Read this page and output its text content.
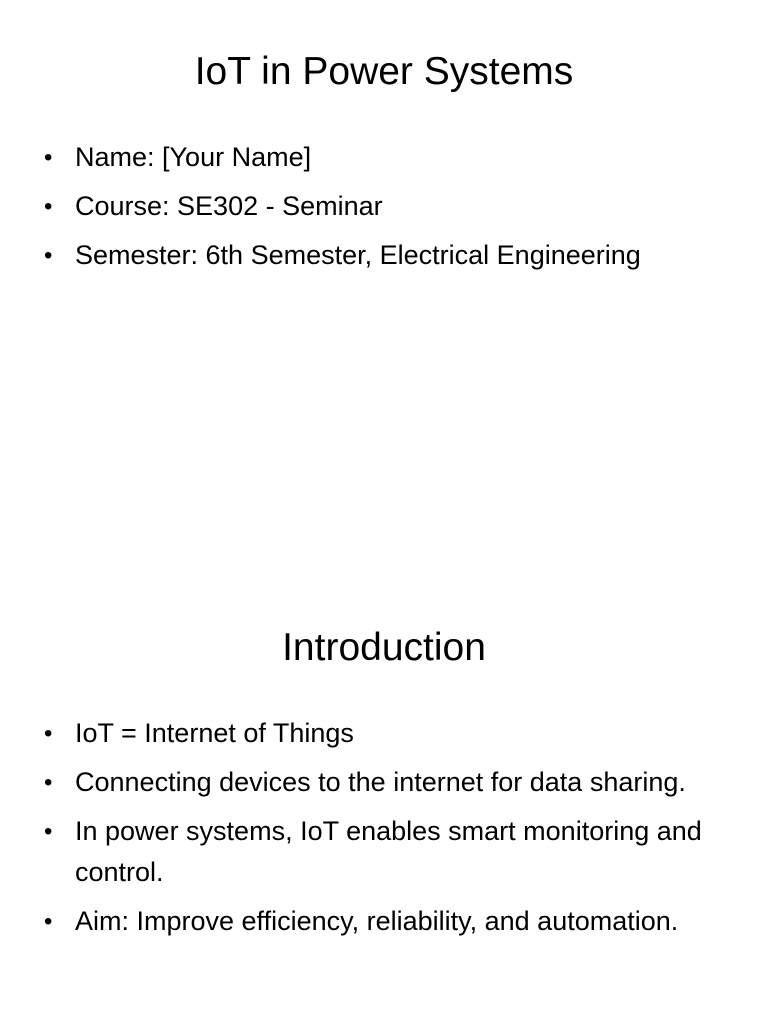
IoT in Power Systems
• Name: [Your Name]
• Course: SE302 - Seminar
• Semester: 6th Semester, Electrical Engineering
Introduction
• IoT = Internet of Things
• Connecting devices to the internet for data sharing.
• In power systems, IoT enables smart monitoring and control.
• Aim: Improve efficiency, reliability, and automation.
